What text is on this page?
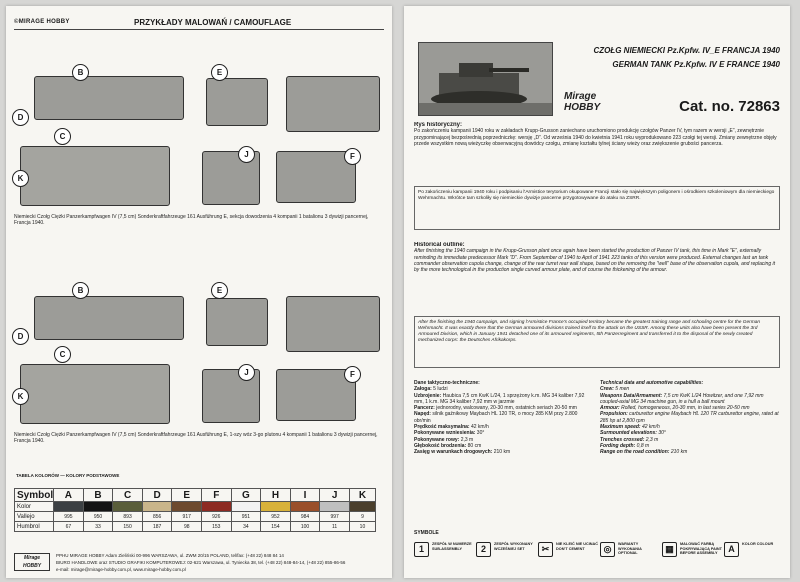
©MIRAGE HOBBY	PRZYKŁADY MALOWAŃ / CAMOUFLAGE
B	E
D
C
J	F
K
Niemiecki Czołg Ciężki Panzerkampfwagen IV (7,5 cm) Sonderkraftfahrzeuge 161 Ausführung E, sekcja dowodzenia 4 kompanii 1 batalionu 3 dywizji pancernej, Francja 1940.
B	E
D
C
J	F
K
Niemiecki Czołg Ciężki Panzerkampfwagen IV (7,5 cm) Sonderkraftfahrzeuge 161 Ausführung E, 1-szy wóz 3-go plutonu 4 kompanii 1 batalionu 3 dywizji pancernej, Francja 1940.
TABELA KOLORÓW — KOLORY PODSTAWOWE
Symbol	A	B	C	D	E	F	G	H	I	J	K
Kolor	

Vallejo	995	950	893	856	917	926	951	952	984	997	9
Humbrol	67	33	150	187	98	153	34	154	100	11	10
Mirage HOBBY
PPHU MIRAGE HOBBY Adam Zieliński 00-996 WARSZAWA, ul. ZWM 20/15 POLAND, tel/fax: (+48 22) 848 84 14
BIURO HANDLOWE oraz STUDIO GRAFIKI KOMPUTEROWEJ: 02-621 Warszawa, ul. Tyniecka 38, tel. (+48 22) 848-84-14, (+48 22) 855-86-56
e-mail: mirage@mirage-hobby.com.pl, www.mirage-hobby.com.pl
CZOŁG NIEMIECKI Pz.Kpfw. IV_E FRANCJA 1940
GERMAN TANK Pz.Kpfw. IV E FRANCE 1940
Mirage HOBBY	Cat. no. 72863
Rys historyczny:
Po zakończeniu kampanii 1940 roku w zakładach Krupp-Grusson zaniechano uruchomiono produkcję czołgów Panzer IV, tym razem w wersji „E”, zewnętrznie przypominającej bezpośrednią poprzedniczkę: wersję „D”. Od września 1940 do kwietnia 1941 roku wyprodukowano 223 czołgi tej wersji. Zmiany zewnętrzne objęły przede wszystkim nową wieżyczkę obserwacyjną dowódcy czołgu, zmianę kształtu tylnej ściany wieży oraz zwiększenie grubości pancerza.
Po zakończeniu kampanii 1940 roku i podpisaniu l'Armistice terytorium okupowane Francji stało się największym poligonem i ośrodkiem szkoleniowym dla niemieckiego Wehrmachtu. Wkrótce tam szkoliły się niemieckie dywizje pancerne przygotowywane do ataku na ZSRR.
Historical outline:
After finishing the 1940 campaign in the Krupp-Grusson plant once again have been started the production of Panzer IV tank, this time in Mark "E", externally reminding its immediate predecessor Mark "D". From September of 1940 to April of 1941 223 tanks of this version were produced. External changes last an tank commander observation cupola change, change of the rear turret rear wall shape, based on the removing the "well" base of the observation cupola, and replacing it by the more technological in the production single curved armour plate, and of course the thickening of the armour.
After the finishing the 1940 campaign, and signing l'Armistice France's occupied territory became the greatest training range and schooling centre for the German Wehrmacht. It was exactly there that the German armoured divisions trained itself to the attack on the USSR. Among these units also have been present the 3rd Armoured Division, which in January 1941 detached one of its armoured regiments, 5th Panzerregiment and transferred it to the disposal of the newly created mechanized corps: the Deutsches Afrikakorps.
Dane taktyczno-techniczne:
Załoga: 5 ludzi
Uzbrojenie: Haubica 7,5 cm KwK L/24, 1 sprzężony k.m. MG 34 kaliber 7,92 mm, 1 k.m. MG 34 kaliber 7,92 mm w jarzmie
Pancerz: jednorodny, walcowany, 20-30 mm, ostatnich seriach 20-50 mm
Napęd: silnik gaźnikowy Maybach HL 120 TR, o mocy 285 KM przy 2.800 obr/min
Prędkość maksymalna: 42 km/h
Pokonywane wzniesienia: 30°
Pokonywane rowy: 2,3 m
Głębokość brodzenia: 80 cm
Zasięg w warunkach drogowych: 210 km
Technical data and automotive capabilities:
Crew: 5 men
Weapons Data/Armament: 7,5 cm KwK L/24 Howitzer, and one 7,92 mm coupled-axial MG 34 machine gun, in a hull a ball mount
Armour: Rolled, homogeneous, 20-30 mm, in last series 20-50 mm
Propulsion: carburettor engine Maybach HL 120 TR carburettor engine, rated at 285 hp at 2,800 rpm
Maximum speed: 42 km/h
Surmounted elevations: 30°
Trenches crossed: 2,3 m
Fording depth: 0,8 m
Range on the road condition: 210 km
SYMBOLE
1	ZESPÓŁ W NUMERZE SUB-ASSEMBLY	2	ZESPÓŁ WYKONANY WCZEŚNIEJ SET	✂	NIE KLEIĆ NIE UCINAĆ DON'T CEMENT	◎	WARIANTY WYKONANIA OPTIONAL	▦	MALOWAĆ FARBĄ POKRYWAJĄCĄ PAINT BEFORE ASSEMBLY	A	KOLOR COLOUR
